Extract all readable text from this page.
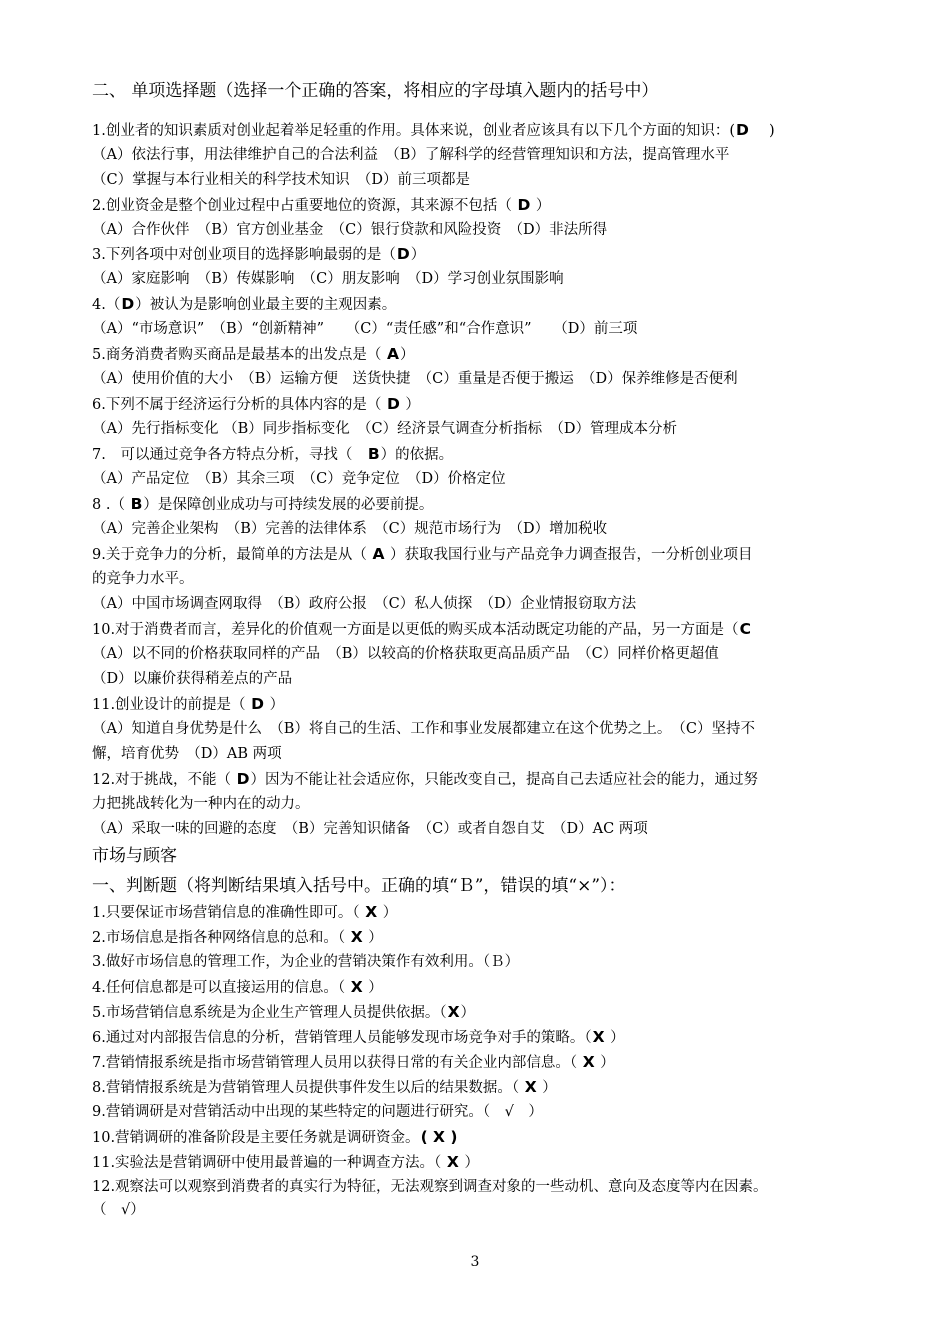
二、 单项选择题（选择一个正确的答案，将相应的字母填入题内的括号中）
1.创业者的知识素质对创业起着举足轻重的作用。具体来说，创业者应该具有以下几个方面的知识：(D　 )
（A）依法行事，用法律维护自己的合法利益　（B）了解科学的经营管理知识和方法，提高管理水平
（C）掌握与本行业相关的科学技术知识　（D）前三项都是
2.创业资金是整个创业过程中占重要地位的资源，其来源不包括（ D ）
（A）合作伙伴　（B）官方创业基金　（C）银行贷款和风险投资　（D）非法所得
3.下列各项中对创业项目的选择影响最弱的是（D）
（A）家庭影响　（B）传媒影响　（C）朋友影响　（D）学习创业氛围影响
4.（D）被认为是影响创业最主要的主观因素。
（A）“市场意识”　（B）“创新精神”　　（C）“责任感”和“合作意识”　　（D）前三项
5.商务消费者购买商品是最基本的出发点是（ A）
（A）使用价值的大小　（B）运输方便　送货快捷　（C）重量是否便于搬运　（D）保养维修是否便利
6.下列不属于经济运行分析的具体内容的是（ D ）
（A）先行指标变化 （B）同步指标变化　（C）经济景气调查分析指标　（D）管理成本分析
7.　可以通过竞争各方特点分析，寻找（　B）的依据。
（A）产品定位　（B）其余三项　（C）竞争定位　（D）价格定位
8 .（ B）是保障创业成功与可持续发展的必要前提。
（A）完善企业架构　（B）完善的法律体系　（C）规范市场行为　（D）增加税收
9.关于竞争力的分析，最简单的方法是从（ A ）获取我国行业与产品竞争力调查报告，一分析创业项目
的竞争力水平。
（A）中国市场调查网取得　（B）政府公报　（C）私人侦探　（D）企业情报窃取方法
10.对于消费者而言，差异化的价值观一方面是以更低的购买成本活动既定功能的产品，另一方面是（C
（A）以不同的价格获取同样的产品　（B）以较高的价格获取更高品质产品　（C）同样价格更超值
（D）以廉价获得稍差点的产品
11.创业设计的前提是（ D ）
（A）知道自身优势是什么　（B）将自己的生活、工作和事业发展都建立在这个优势之上。　（C）坚持不
懈，培育优势　（D）AB 两项
12.对于挑战，不能（ D）因为不能让社会适应你，只能改变自己，提高自己去适应社会的能力，通过努
力把挑战转化为一种内在的动力。
（A）采取一味的回避的态度　（B）完善知识储备　（C）或者自怨自艾　（D）AC 两项
市场与顾客
一、判断题（将判断结果填入括号中。正确的填“Ｂ”，错误的填“×”）：
1.只要保证市场营销信息的准确性即可。（ X ）
2.市场信息是指各种网络信息的总和。（ X ）
3.做好市场信息的管理工作，为企业的营销决策作有效利用。（Ｂ）
4.任何信息都是可以直接运用的信息。（ X ）
5.市场营销信息系统是为企业生产管理人员提供依据。（X）
6.通过对内部报告信息的分析，营销管理人员能够发现市场竞争对手的策略。（X ）
7.营销情报系统是指市场营销管理人员用以获得日常的有关企业内部信息。（ X ）
8.营销情报系统是为营销管理人员提供事件发生以后的结果数据。（ X ）
9.营销调研是对营销活动中出现的某些特定的问题进行研究。（　√　）
10.营销调研的准备阶段是主要任务就是调研资金。( X )
11.实验法是营销调研中使用最普遍的一种调查方法。（ X ）
12.观察法可以观察到消费者的真实行为特征，无法观察到调查对象的一些动机、意向及态度等内在因素。
（　√）
3
